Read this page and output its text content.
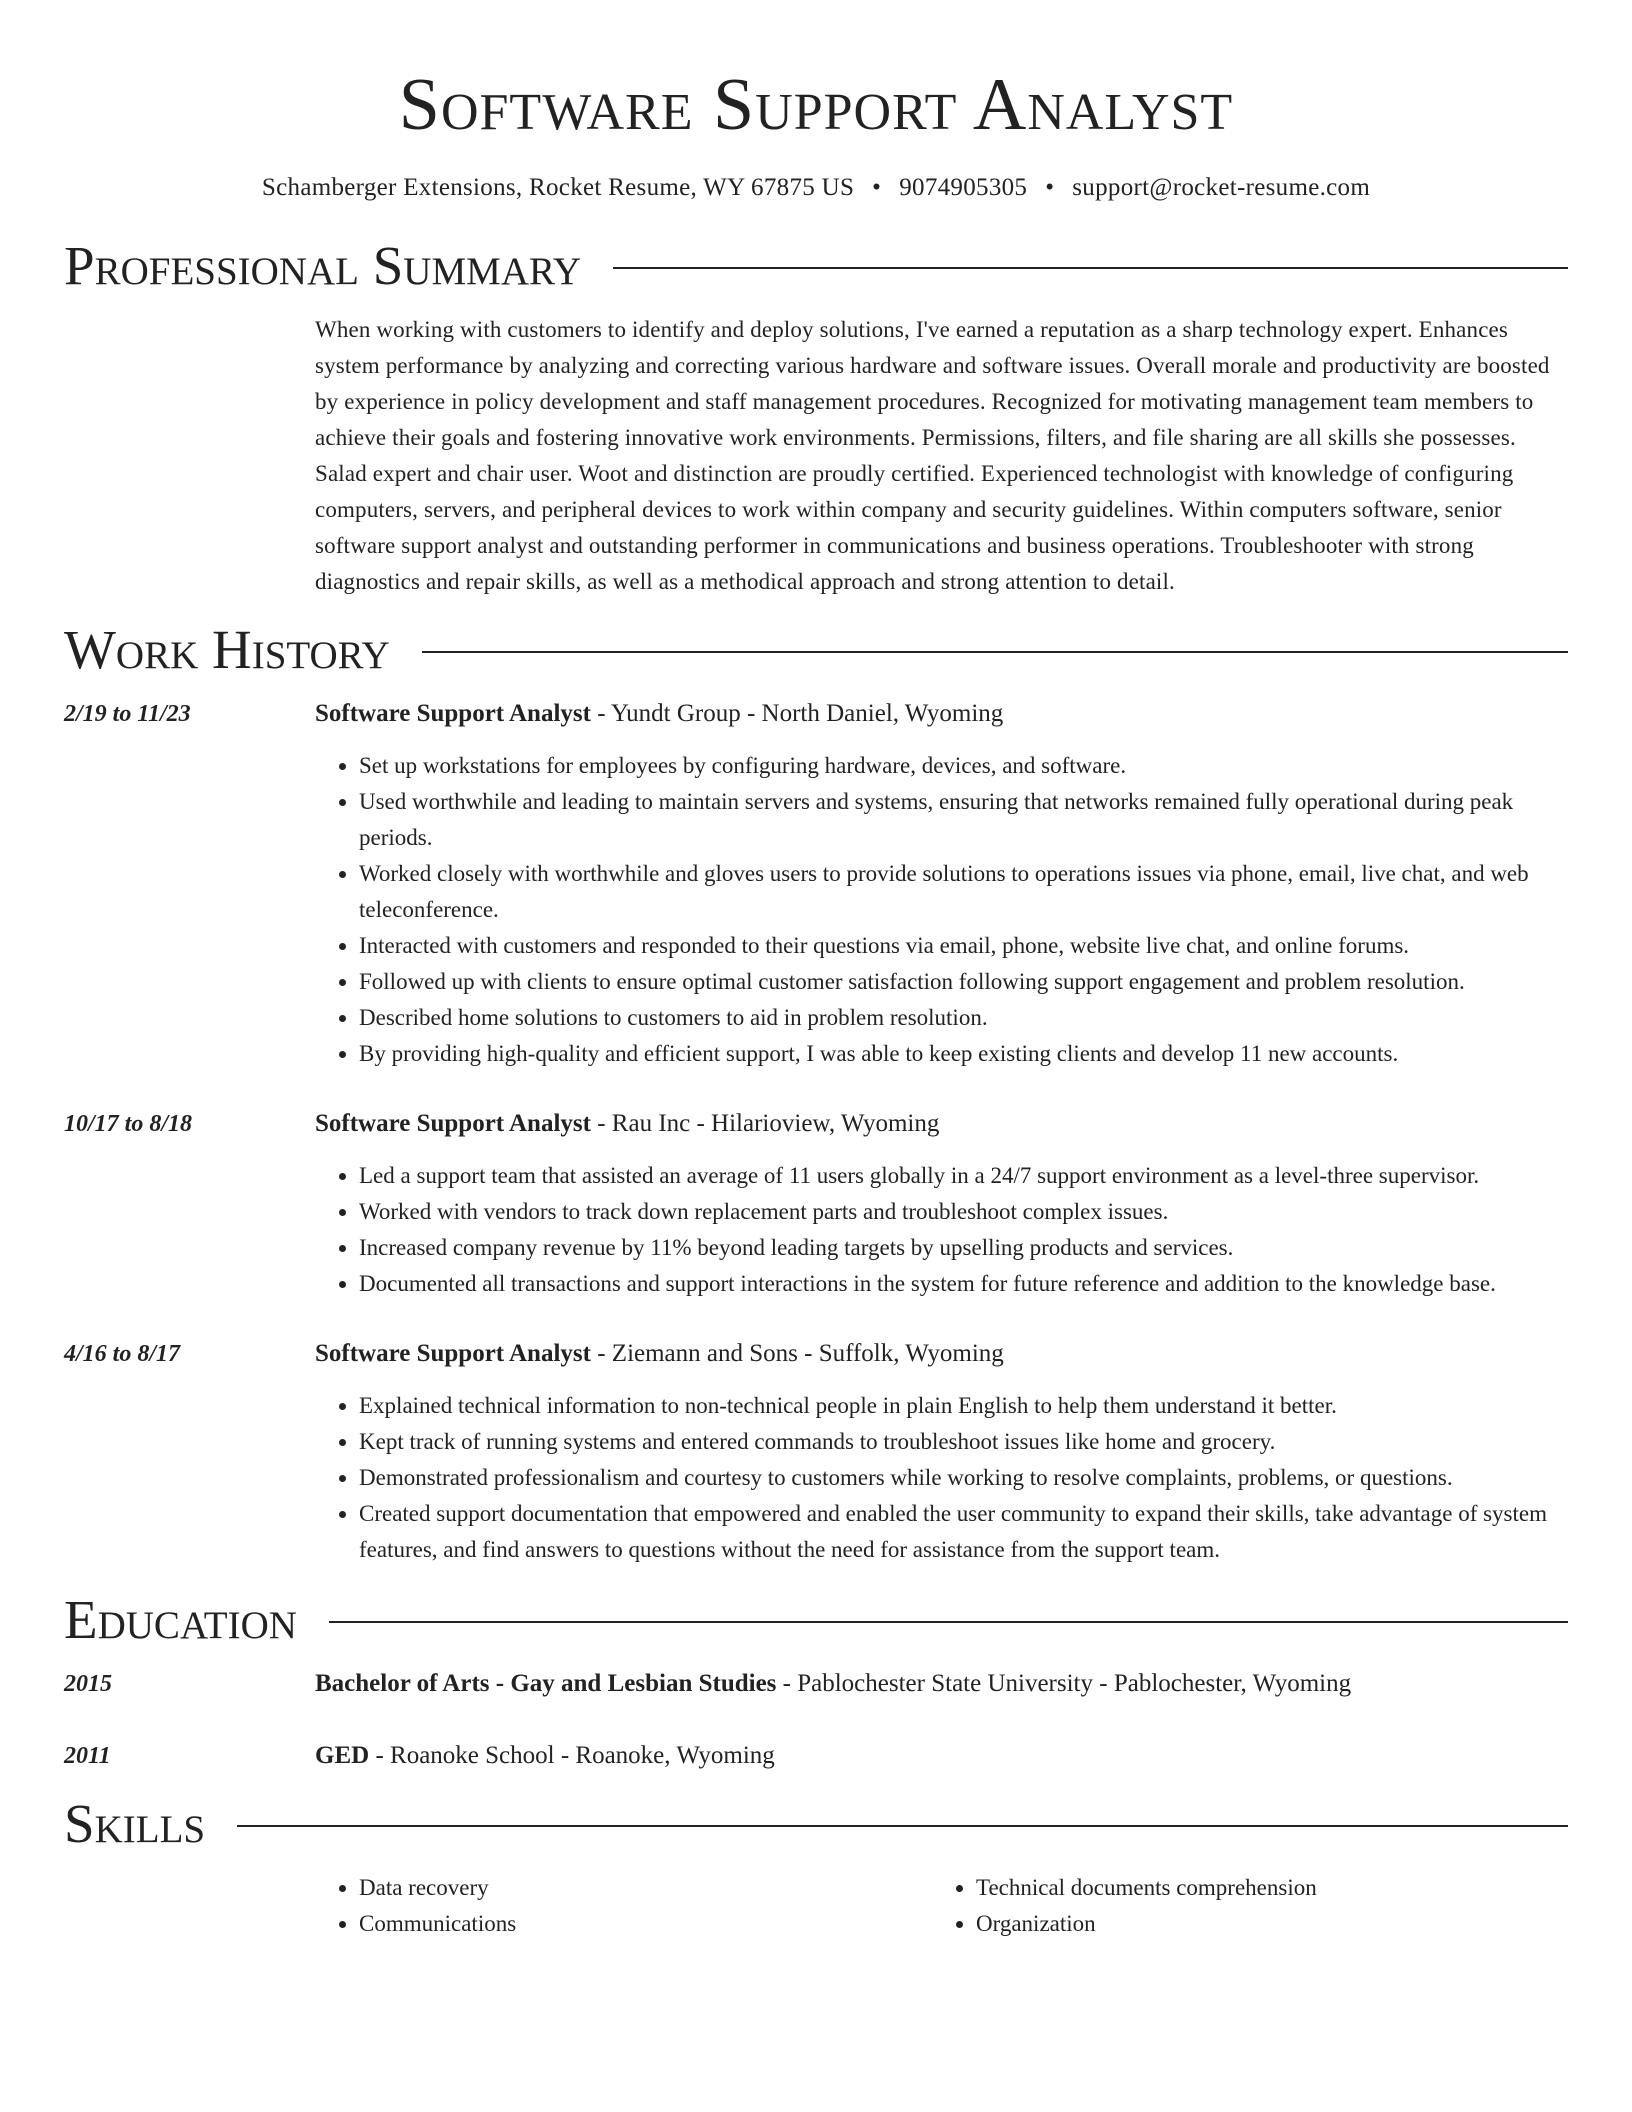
Software Support Analyst
Schamberger Extensions, Rocket Resume, WY 67875 US • 9074905305 • support@rocket-resume.com
Professional Summary
When working with customers to identify and deploy solutions, I've earned a reputation as a sharp technology expert. Enhances system performance by analyzing and correcting various hardware and software issues. Overall morale and productivity are boosted by experience in policy development and staff management procedures. Recognized for motivating management team members to achieve their goals and fostering innovative work environments. Permissions, filters, and file sharing are all skills she possesses. Salad expert and chair user. Woot and distinction are proudly certified. Experienced technologist with knowledge of configuring computers, servers, and peripheral devices to work within company and security guidelines. Within computers software, senior software support analyst and outstanding performer in communications and business operations. Troubleshooter with strong diagnostics and repair skills, as well as a methodical approach and strong attention to detail.
Work History
2/19 to 11/23	Software Support Analyst - Yundt Group - North Daniel, Wyoming
• Set up workstations for employees by configuring hardware, devices, and software.
• Used worthwhile and leading to maintain servers and systems, ensuring that networks remained fully operational during peak periods.
• Worked closely with worthwhile and gloves users to provide solutions to operations issues via phone, email, live chat, and web teleconference.
• Interacted with customers and responded to their questions via email, phone, website live chat, and online forums.
• Followed up with clients to ensure optimal customer satisfaction following support engagement and problem resolution.
• Described home solutions to customers to aid in problem resolution.
• By providing high-quality and efficient support, I was able to keep existing clients and develop 11 new accounts.
10/17 to 8/18	Software Support Analyst - Rau Inc - Hilarioview, Wyoming
• Led a support team that assisted an average of 11 users globally in a 24/7 support environment as a level-three supervisor.
• Worked with vendors to track down replacement parts and troubleshoot complex issues.
• Increased company revenue by 11% beyond leading targets by upselling products and services.
• Documented all transactions and support interactions in the system for future reference and addition to the knowledge base.
4/16 to 8/17	Software Support Analyst - Ziemann and Sons - Suffolk, Wyoming
• Explained technical information to non-technical people in plain English to help them understand it better.
• Kept track of running systems and entered commands to troubleshoot issues like home and grocery.
• Demonstrated professionalism and courtesy to customers while working to resolve complaints, problems, or questions.
• Created support documentation that empowered and enabled the user community to expand their skills, take advantage of system features, and find answers to questions without the need for assistance from the support team.
Education
2015	Bachelor of Arts - Gay and Lesbian Studies - Pablochester State University - Pablochester, Wyoming
2011	GED - Roanoke School - Roanoke, Wyoming
Skills
• Data recovery
• Communications
• Technical documents comprehension
• Organization
